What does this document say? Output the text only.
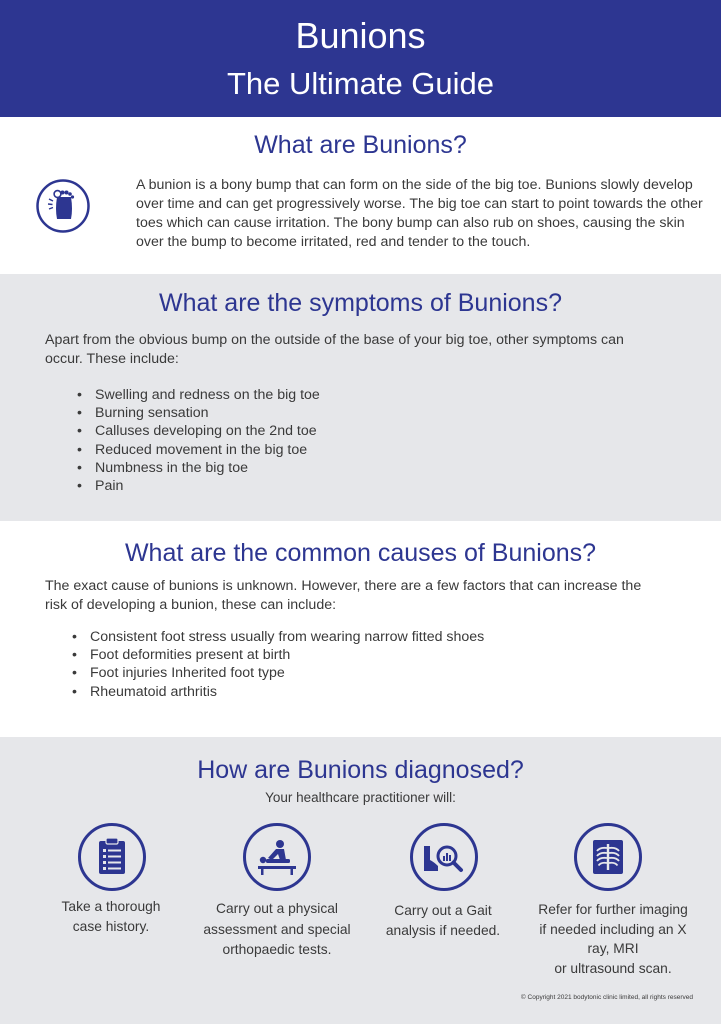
Bunions
The Ultimate Guide
What are Bunions?
A bunion is a bony bump that can form on the side of the big toe. Bunions slowly develop over time and can get progressively worse. The big toe can start to point towards the other toes which can cause irritation. The bony bump can also rub on shoes, causing the skin over the bump to become irritated, red and tender to the touch.
What are the symptoms of Bunions?
Apart from the obvious bump on the outside of the base of your big toe, other symptoms can occur. These include:
• Swelling and redness on the big toe
• Burning sensation
• Calluses developing on the 2nd toe
• Reduced movement in the big toe
• Numbness in the big toe
• Pain
What are the common causes of Bunions?
The exact cause of bunions is unknown. However, there are a few factors that can increase the risk of developing a bunion, these can include:
• Consistent foot stress usually from wearing narrow fitted shoes
• Foot deformities present at birth
• Foot injuries Inherited foot type
• Rheumatoid arthritis
How are Bunions diagnosed?
Your healthcare practitioner will:
Take a thorough
case history.
Carry out a physical
assessment and special
orthopaedic tests.
Carry out a Gait
analysis if needed.
Refer for further imaging
if needed including an X
ray, MRI
or ultrasound scan.
© Copyright 2021 bodytonic clinic limited, all rights reserved
